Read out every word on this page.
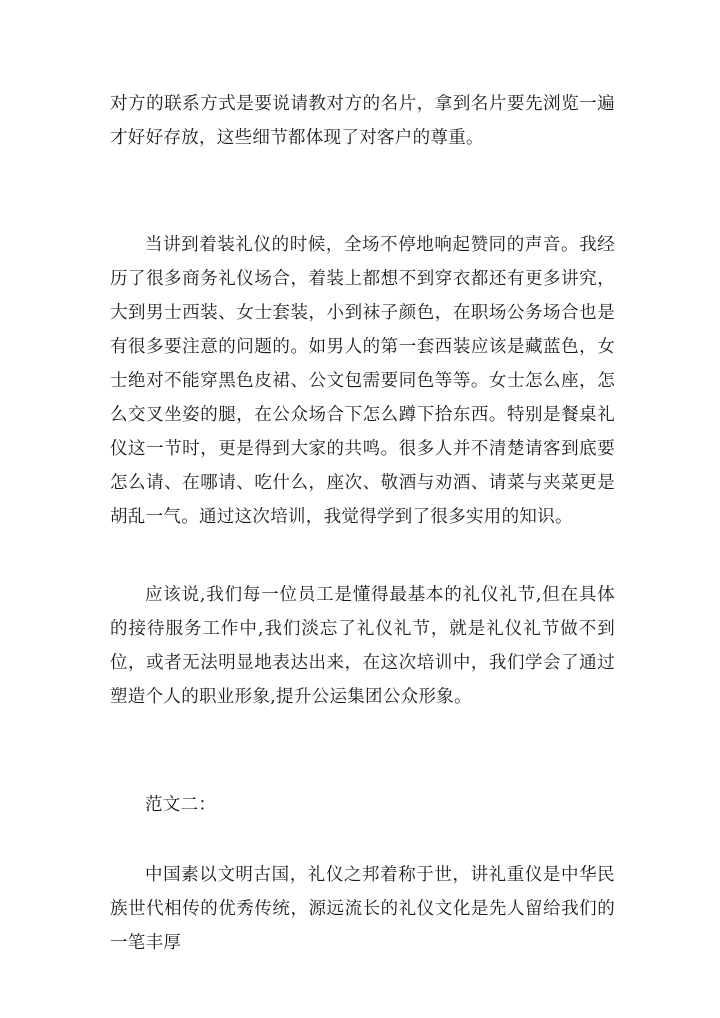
对方的联系方式是要说请教对方的名片，拿到名片要先浏览一遍才好好存放，这些细节都体现了对客户的尊重。

当讲到着装礼仪的时候，全场不停地响起赞同的声音。我经历了很多商务礼仪场合，着装上都想不到穿衣都还有更多讲究，大到男士西装、女士套装，小到袜子颜色，在职场公务场合也是有很多要注意的问题的。如男人的第一套西装应该是藏蓝色，女士绝对不能穿黑色皮裙、公文包需要同色等等。女士怎么座，怎么交叉坐姿的腿，在公众场合下怎么蹲下拾东西。特别是餐桌礼仪这一节时，更是得到大家的共鸣。很多人并不清楚请客到底要怎么请、在哪请、吃什么，座次、敬酒与劝酒、请菜与夹菜更是胡乱一气。通过这次培训，我觉得学到了很多实用的知识。

应该说,我们每一位员工是懂得最基本的礼仪礼节,但在具体的接待服务工作中,我们淡忘了礼仪礼节，就是礼仪礼节做不到位，或者无法明显地表达出来，在这次培训中，我们学会了通过塑造个人的职业形象,提升公运集团公众形象。

范文二：

中国素以文明古国，礼仪之邦着称于世，讲礼重仪是中华民族世代相传的优秀传统，源远流长的礼仪文化是先人留给我们的一笔丰厚
